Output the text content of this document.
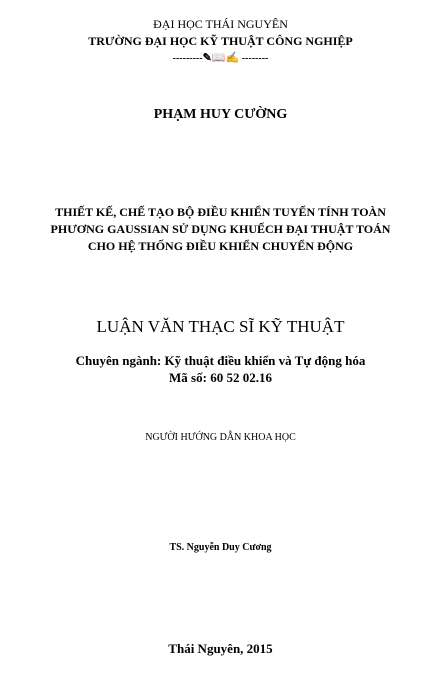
ĐẠI HỌC THÁI NGUYÊN
TRƯỜNG ĐẠI HỌC KỸ THUẬT CÔNG NGHIỆP
---------✎📖✍ --------
PHẠM HUY CƯỜNG
THIẾT KẾ, CHẾ TẠO BỘ ĐIỀU KHIỂN TUYẾN TÍNH TOÀN
PHƯƠNG GAUSSIAN SỬ DỤNG KHUẾCH ĐẠI THUẬT TOÁN
CHO HỆ THỐNG ĐIỀU KHIỂN CHUYỂN ĐỘNG
LUẬN VĂN THẠC SĨ KỸ THUẬT
Chuyên ngành: Kỹ thuật điều khiển và Tự động hóa
Mã số: 60 52 02.16
NGƯỜI HƯỚNG DẪN KHOA HỌC
TS. Nguyễn Duy Cương
Thái Nguyên, 2015
